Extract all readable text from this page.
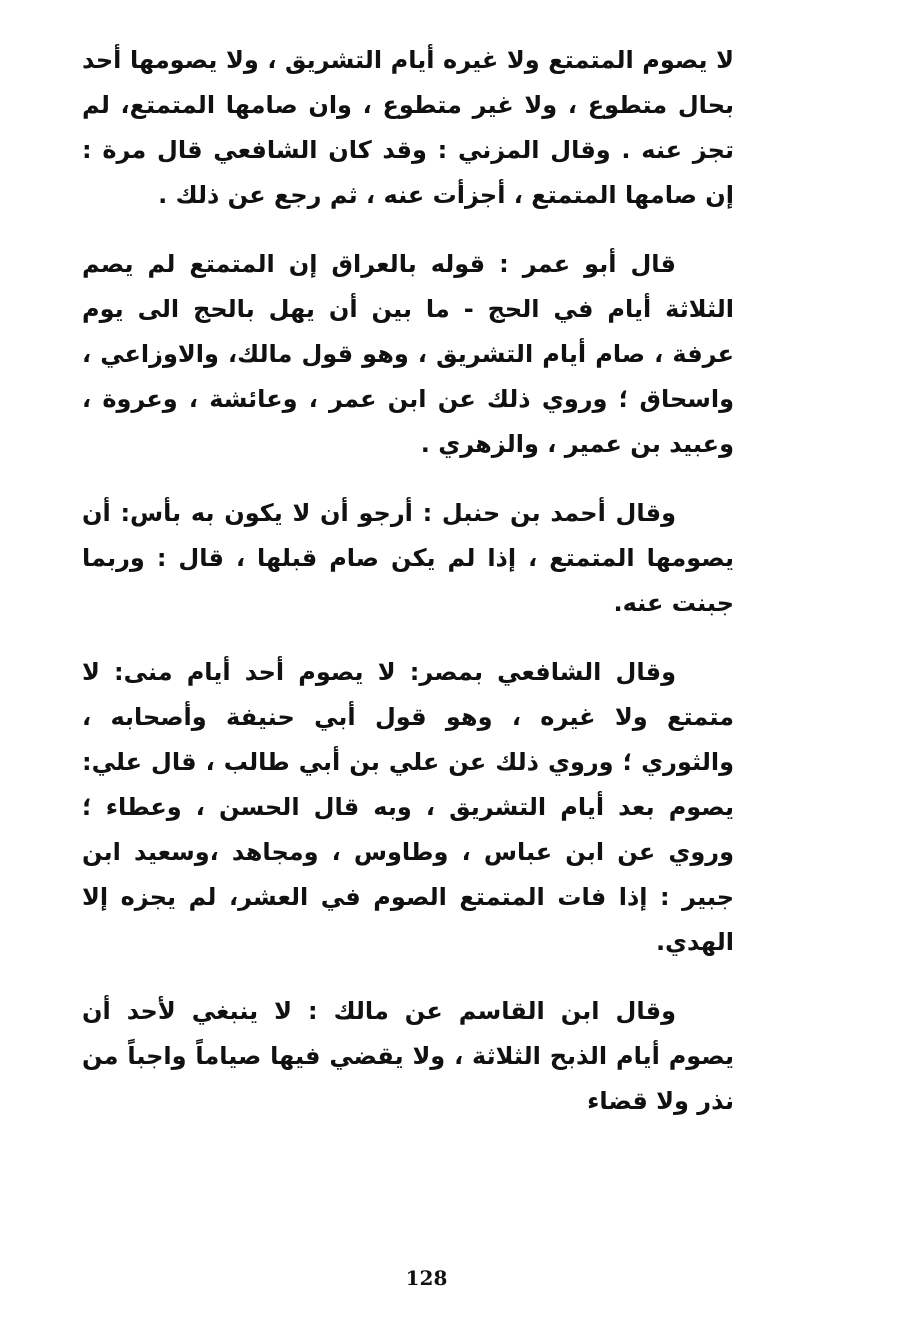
لا يصوم المتمتع ولا غيره أيام التشريق ، ولا يصومها أحد بحال متطوع ، ولا غير متطوع ، وان صامها المتمتع، لم تجز عنه . وقال المزني : وقد كان الشافعي قال مرة : إن صامها المتمتع ، أجزأت عنه ، ثم رجع عن ذلك .

قال أبو عمر : قوله بالعراق إن المتمتع لم يصم الثلاثة أيام في الحج - ما بين أن يهل بالحج الى يوم عرفة ، صام أيام التشريق ، وهو قول مالك، والاوزاعي ، واسحاق ؛ وروي ذلك عن ابن عمر ، وعائشة ، وعروة ، وعبيد بن عمير ، والزهري .

وقال أحمد بن حنبل : أرجو أن لا يكون به بأس: أن يصومها المتمتع ، إذا لم يكن صام قبلها ، قال : وربما جبنت عنه.

وقال الشافعي بمصر: لا يصوم أحد أيام منى: لا متمتع ولا غيره ، وهو قول أبي حنيفة وأصحابه ، والثوري ؛ وروي ذلك عن علي بن أبي طالب ، قال علي: يصوم بعد أيام التشريق ، وبه قال الحسن ، وعطاء ؛ وروي عن ابن عباس ، وطاوس ، ومجاهد ،وسعيد ابن جبير : إذا فات المتمتع الصوم في العشر، لم يجزه إلا الهدي.

وقال ابن القاسم عن مالك : لا ينبغي لأحد أن يصوم أيام الذبح الثلاثة ، ولا يقضي فيها صياماً واجباً من نذر ولا قضاء

128
